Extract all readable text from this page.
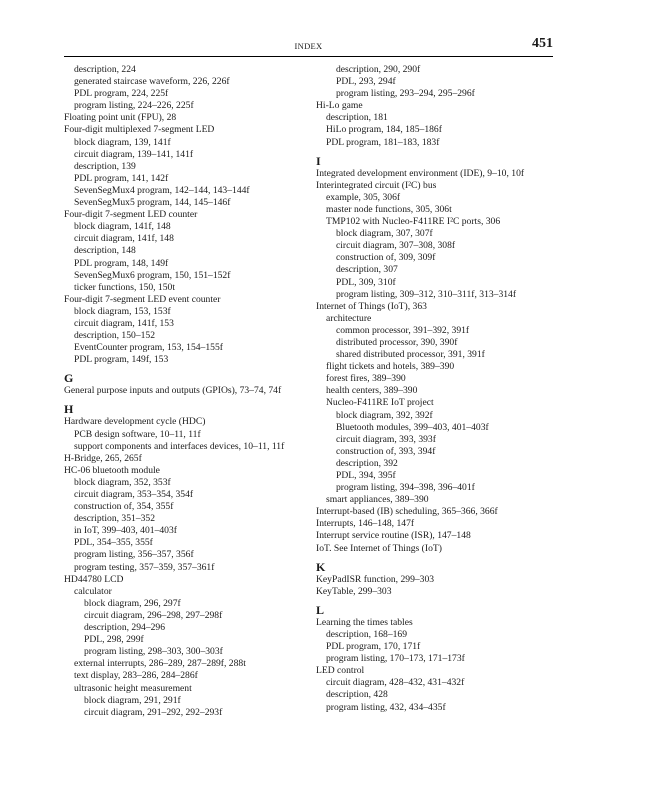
INDEX	451
description, 224
generated staircase waveform, 226, 226f
PDL program, 224, 225f
program listing, 224–226, 225f
Floating point unit (FPU), 28
Four-digit multiplexed 7-segment LED
block diagram, 139, 141f
circuit diagram, 139–141, 141f
description, 139
PDL program, 141, 142f
SevenSegMux4 program, 142–144, 143–144f
SevenSegMux5 program, 144, 145–146f
Four-digit 7-segment LED counter
block diagram, 141f, 148
circuit diagram, 141f, 148
description, 148
PDL program, 148, 149f
SevenSegMux6 program, 150, 151–152f
ticker functions, 150, 150t
Four-digit 7-segment LED event counter
block diagram, 153, 153f
circuit diagram, 141f, 153
description, 150–152
EventCounter program, 153, 154–155f
PDL program, 149f, 153
G
General purpose inputs and outputs (GPIOs), 73–74, 74f
H
Hardware development cycle (HDC)
PCB design software, 10–11, 11f
support components and interfaces devices, 10–11, 11f
H-Bridge, 265, 265f
HC-06 bluetooth module
block diagram, 352, 353f
circuit diagram, 353–354, 354f
construction of, 354, 355f
description, 351–352
in IoT, 399–403, 401–403f
PDL, 354–355, 355f
program listing, 356–357, 356f
program testing, 357–359, 357–361f
HD44780 LCD
calculator
block diagram, 296, 297f
circuit diagram, 296–298, 297–298f
description, 294–296
PDL, 298, 299f
program listing, 298–303, 300–303f
external interrupts, 286–289, 287–289f, 288t
text display, 283–286, 284–286f
ultrasonic height measurement
block diagram, 291, 291f
circuit diagram, 291–292, 292–293f
description, 290, 290f
PDL, 293, 294f
program listing, 293–294, 295–296f
Hi-Lo game
description, 181
HiLo program, 184, 185–186f
PDL program, 181–183, 183f
I
Integrated development environment (IDE), 9–10, 10f
Interintegrated circuit (I²C) bus
example, 305, 306f
master node functions, 305, 306t
TMP102 with Nucleo-F411RE I²C ports, 306
block diagram, 307, 307f
circuit diagram, 307–308, 308f
construction of, 309, 309f
description, 307
PDL, 309, 310f
program listing, 309–312, 310–311f, 313–314f
Internet of Things (IoT), 363
architecture
common processor, 391–392, 391f
distributed processor, 390, 390f
shared distributed processor, 391, 391f
flight tickets and hotels, 389–390
forest fires, 389–390
health centers, 389–390
Nucleo-F411RE IoT project
block diagram, 392, 392f
Bluetooth modules, 399–403, 401–403f
circuit diagram, 393, 393f
construction of, 393, 394f
description, 392
PDL, 394, 395f
program listing, 394–398, 396–401f
smart appliances, 389–390
Interrupt-based (IB) scheduling, 365–366, 366f
Interrupts, 146–148, 147f
Interrupt service routine (ISR), 147–148
IoT. See Internet of Things (IoT)
K
KeyPadISR function, 299–303
KeyTable, 299–303
L
Learning the times tables
description, 168–169
PDL program, 170, 171f
program listing, 170–173, 171–173f
LED control
circuit diagram, 428–432, 431–432f
description, 428
program listing, 432, 434–435f
